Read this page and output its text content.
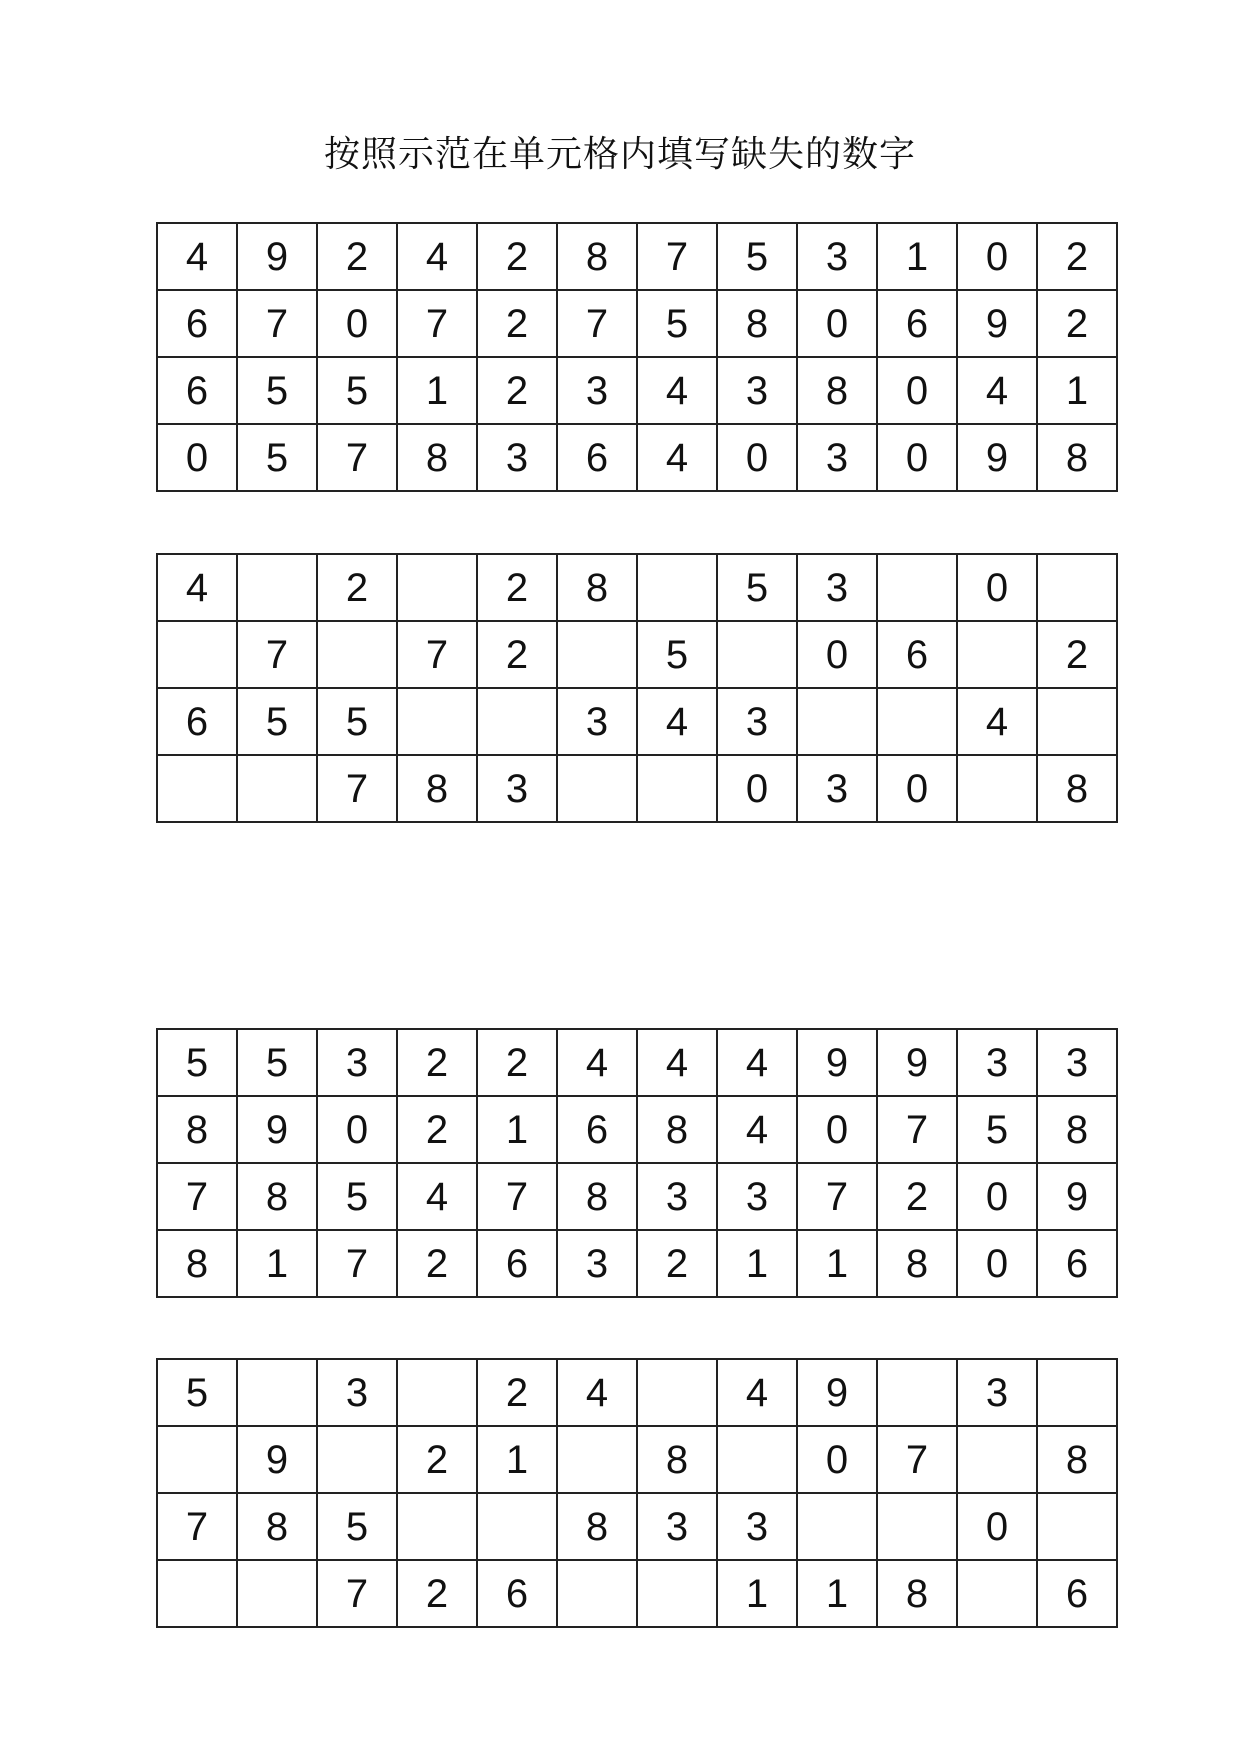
按照示范在单元格内填写缺失的数字
4	9	2	4	2	8	7	5	3	1	0	2
6	7	0	7	2	7	5	8	0	6	9	2
6	5	5	1	2	3	4	3	8	0	4	1
0	5	7	8	3	6	4	0	3	0	9	8
4		2		2	8		5	3		0	
	7		7	2		5		0	6		2
6	5	5			3	4	3			4	
		7	8	3			0	3	0		8
5	5	3	2	2	4	4	4	9	9	3	3
8	9	0	2	1	6	8	4	0	7	5	8
7	8	5	4	7	8	3	3	7	2	0	9
8	1	7	2	6	3	2	1	1	8	0	6
5		3		2	4		4	9		3	
	9		2	1		8		0	7		8
7	8	5			8	3	3			0	
		7	2	6			1	1	8		6
